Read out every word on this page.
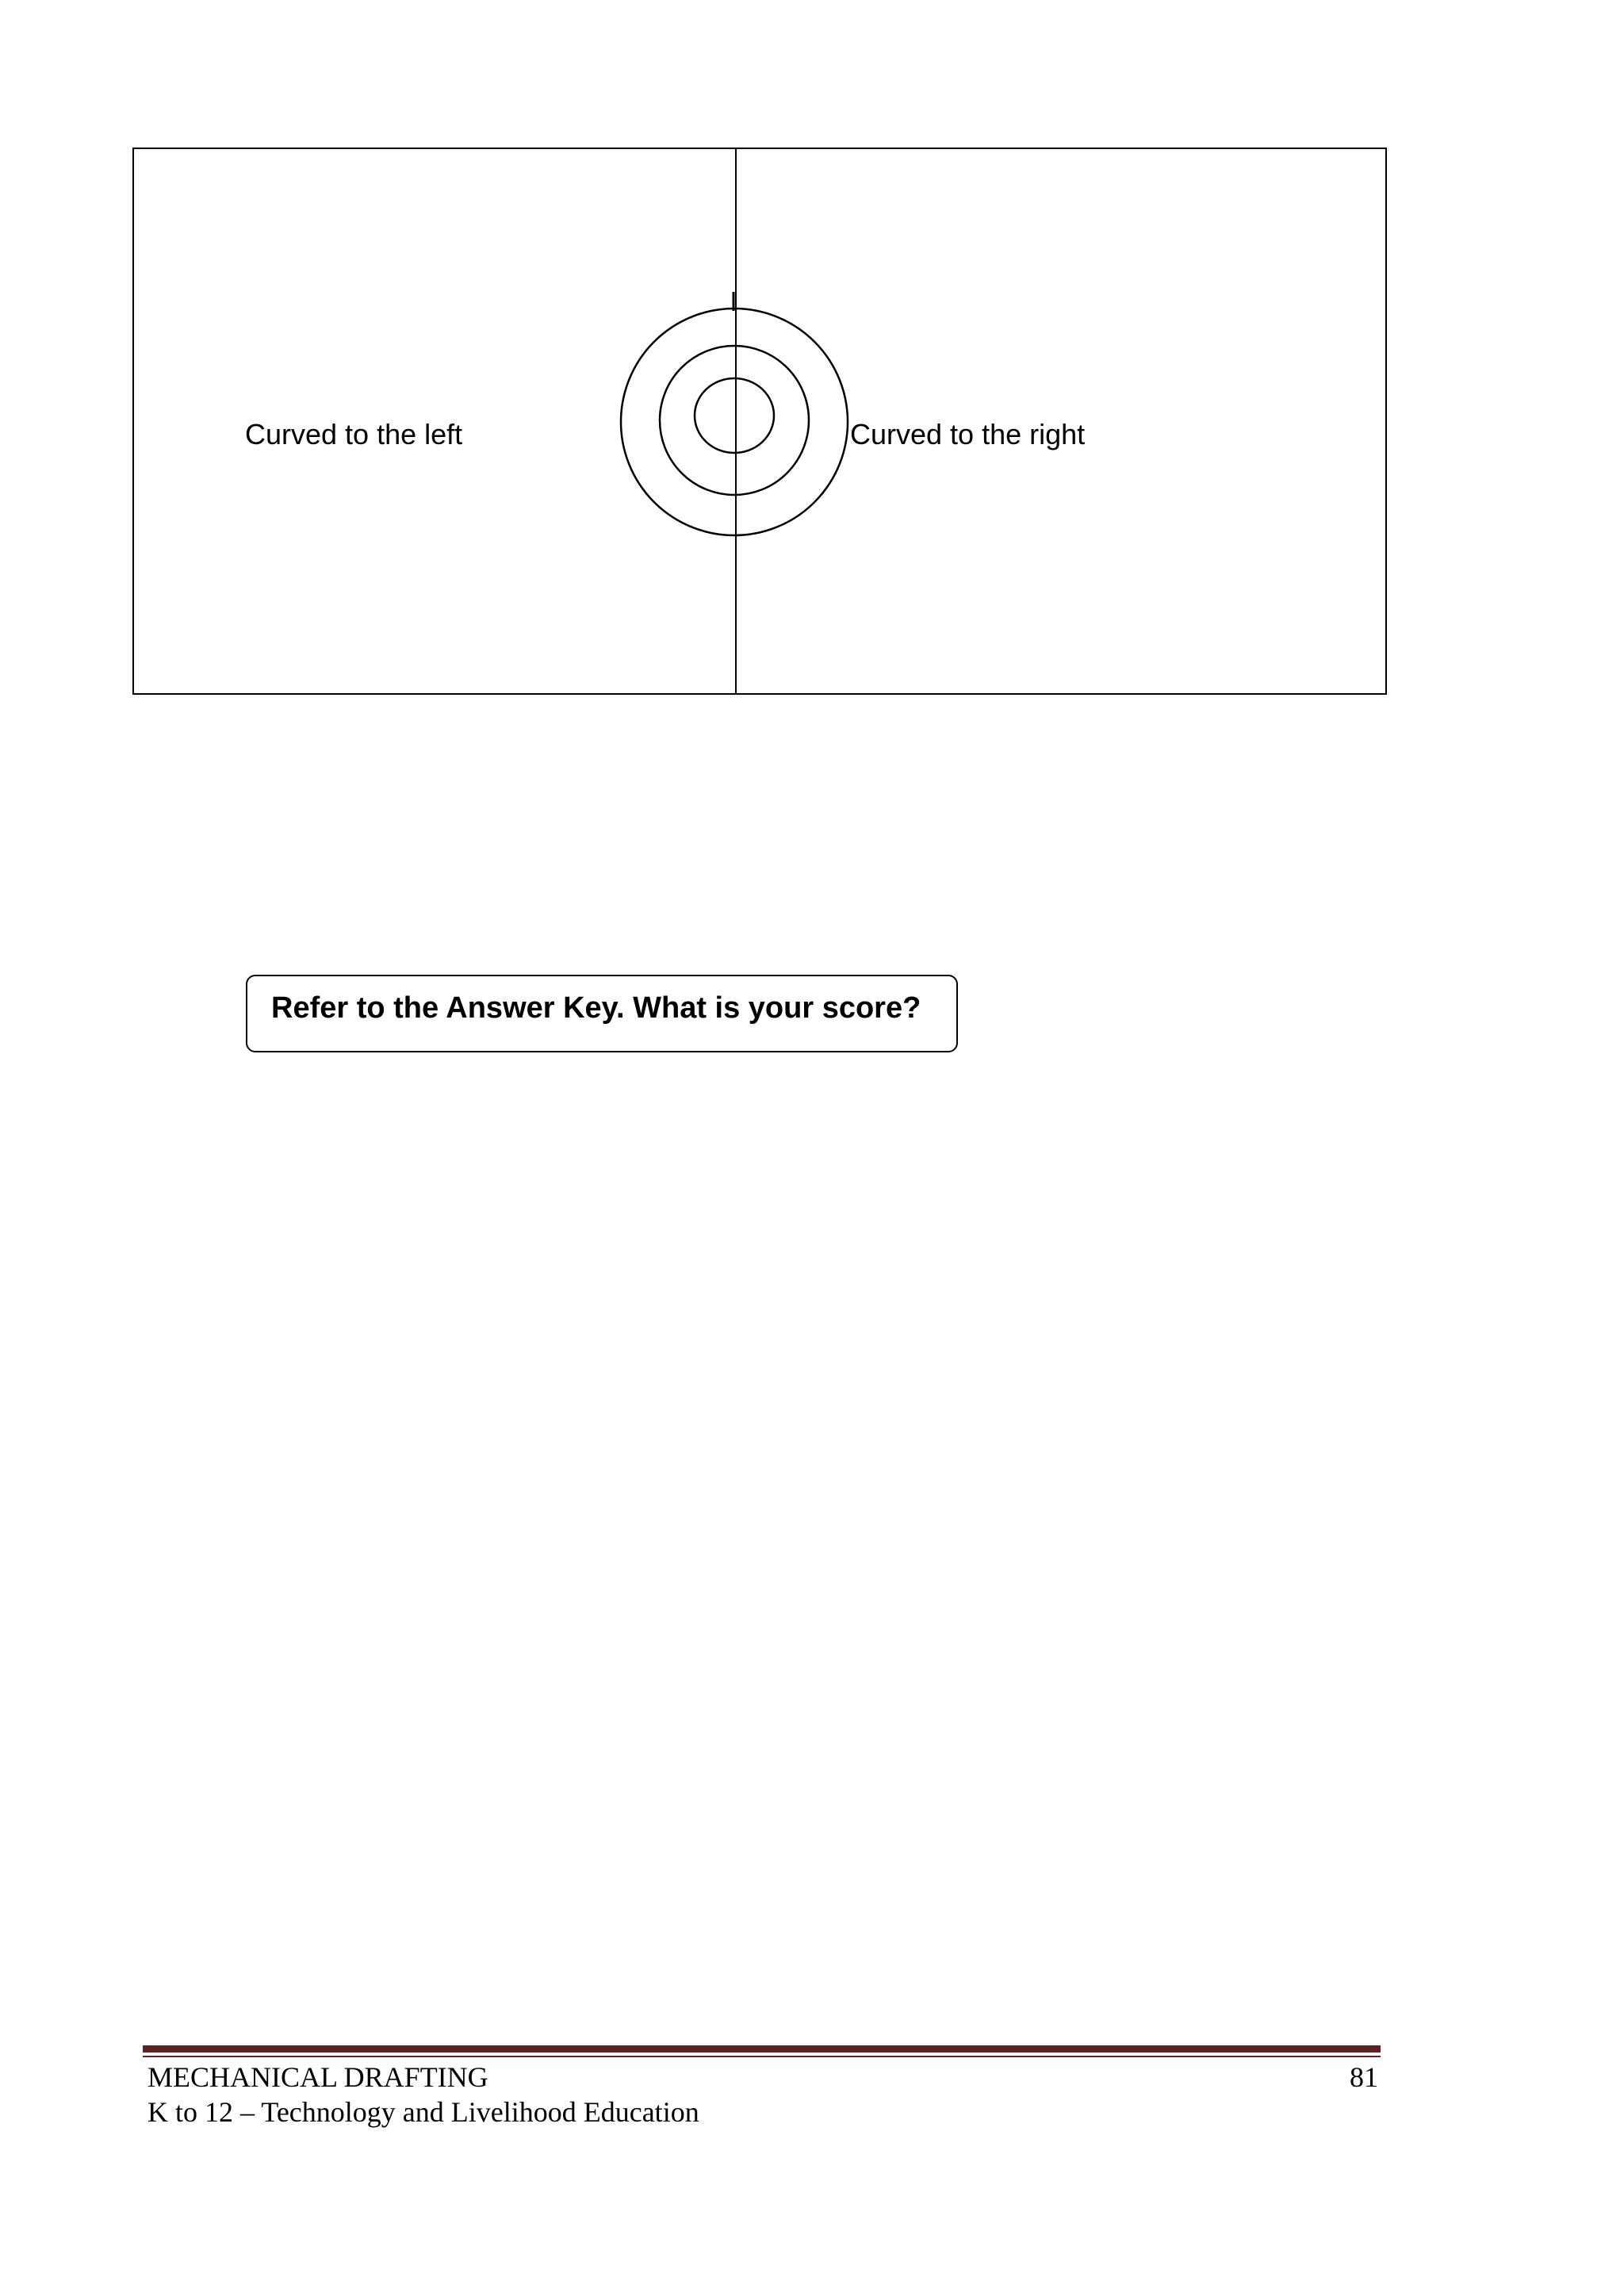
Curved to the left	Curved to the right
Refer to the Answer Key. What is your score?
MECHANICAL DRAFTING
K to 12 – Technology and Livelihood Education
81
